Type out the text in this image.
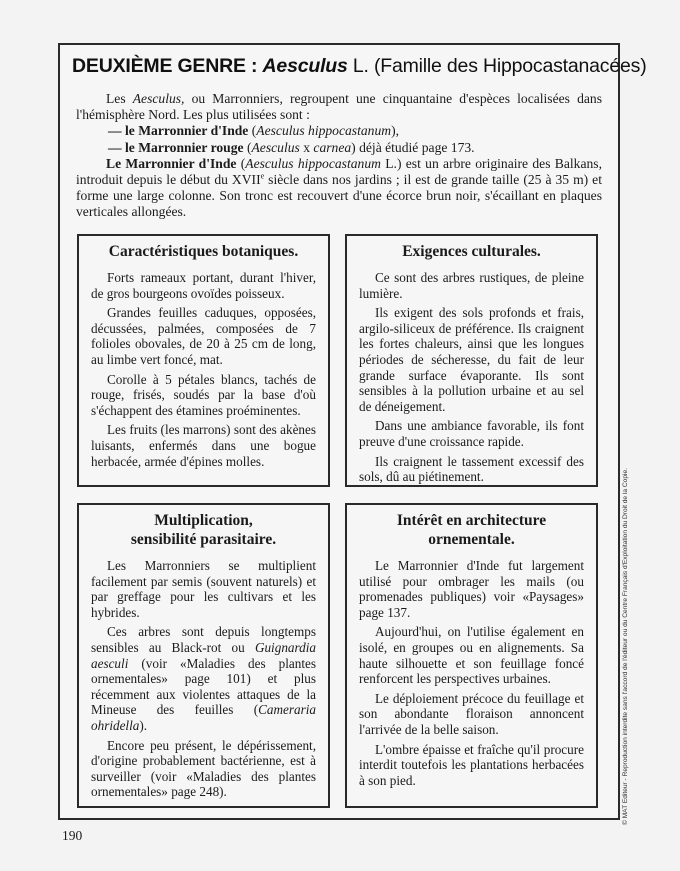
DEUXIÈME GENRE : Aesculus L. (Famille des Hippocastanacées)

Les Aesculus, ou Marronniers, regroupent une cinquantaine d'espèces localisées dans l'hémisphère Nord. Les plus utilisées sont :

— le Marronnier d'Inde (Aesculus hippocastanum),

— le Marronnier rouge (Aesculus x carnea) déjà étudié page 173.

Le Marronnier d'Inde (Aesculus hippocastanum L.) est un arbre originaire des Balkans, introduit depuis le début du XVIIe siècle dans nos jardins ; il est de grande taille (25 à 35 m) et forme une large colonne. Son tronc est recouvert d'une écorce brun noir, s'écaillant en plaques verticales allongées.

Caractéristiques botaniques.

Forts rameaux portant, durant l'hiver, de gros bourgeons ovoïdes poisseux.

Grandes feuilles caduques, opposées, décussées, palmées, composées de 7 folioles obovales, de 20 à 25 cm de long, au limbe vert foncé, mat.

Corolle à 5 pétales blancs, tachés de rouge, frisés, soudés par la base d'où s'échappent des étamines proéminentes.

Les fruits (les marrons) sont des akènes luisants, enfermés dans une bogue herbacée, armée d'épines molles.

Exigences culturales.

Ce sont des arbres rustiques, de pleine lumière.

Ils exigent des sols profonds et frais, argilo-siliceux de préférence. Ils craignent les fortes chaleurs, ainsi que les longues périodes de sécheresse, du fait de leur grande surface évaporante. Ils sont sensibles à la pollution urbaine et au sel de déneigement.

Dans une ambiance favorable, ils font preuve d'une croissance rapide.

Ils craignent le tassement excessif des sols, dû au piétinement.

Multiplication,
sensibilité parasitaire.

Les Marronniers se multiplient facilement par semis (souvent naturels) et par greffage pour les cultivars et les hybrides.

Ces arbres sont depuis longtemps sensibles au Black-rot ou Guignardia aesculi (voir «Maladies des plantes ornementales» page 101) et plus récemment aux violentes attaques de la Mineuse des feuilles (Cameraria ohridella).

Encore peu présent, le dépérissement, d'origine probablement bactérienne, est à surveiller (voir «Maladies des plantes ornementales» page 248).

Intérêt en architecture
ornementale.

Le Marronnier d'Inde fut largement utilisé pour ombrager les mails (ou promenades publiques) voir «Paysages» page 137.

Aujourd'hui, on l'utilise également en isolé, en groupes ou en alignements. Sa haute silhouette et son feuillage foncé renforcent les perspectives urbaines.

Le déploiement précoce du feuillage et son abondante floraison annoncent l'arrivée de la belle saison.

L'ombre épaisse et fraîche qu'il procure interdit toutefois les plantations herbacées à son pied.

190
© MAT Editeur - Reproduction interdite sans l'accord de l'éditeur ou du Centre Français d'Exploitation du Droit de la Copie.
